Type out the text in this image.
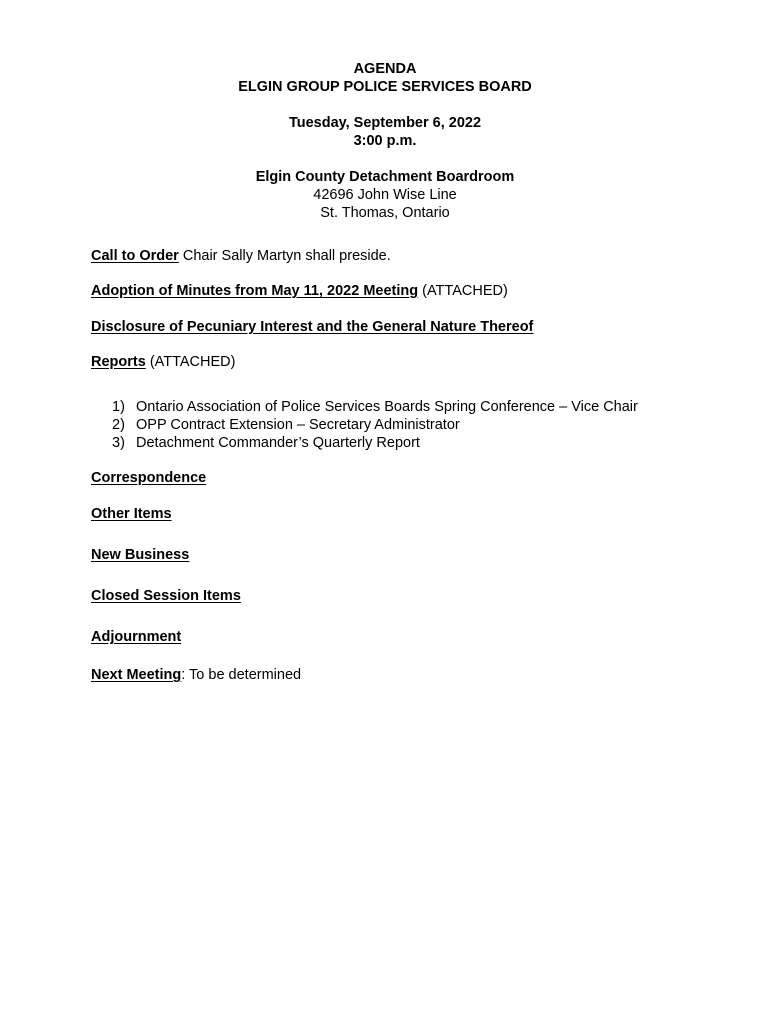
AGENDA
ELGIN GROUP POLICE SERVICES BOARD
Tuesday, September 6, 2022
3:00 p.m.
Elgin County Detachment Boardroom
42696 John Wise Line
St. Thomas, Ontario
Call to Order Chair Sally Martyn shall preside.
Adoption of Minutes from May 11, 2022 Meeting (ATTACHED)
Disclosure of Pecuniary Interest and the General Nature Thereof
Reports (ATTACHED)
1) Ontario Association of Police Services Boards Spring Conference – Vice Chair
2) OPP Contract Extension – Secretary Administrator
3) Detachment Commander’s Quarterly Report
Correspondence
Other Items
New Business
Closed Session Items
Adjournment
Next Meeting: To be determined
